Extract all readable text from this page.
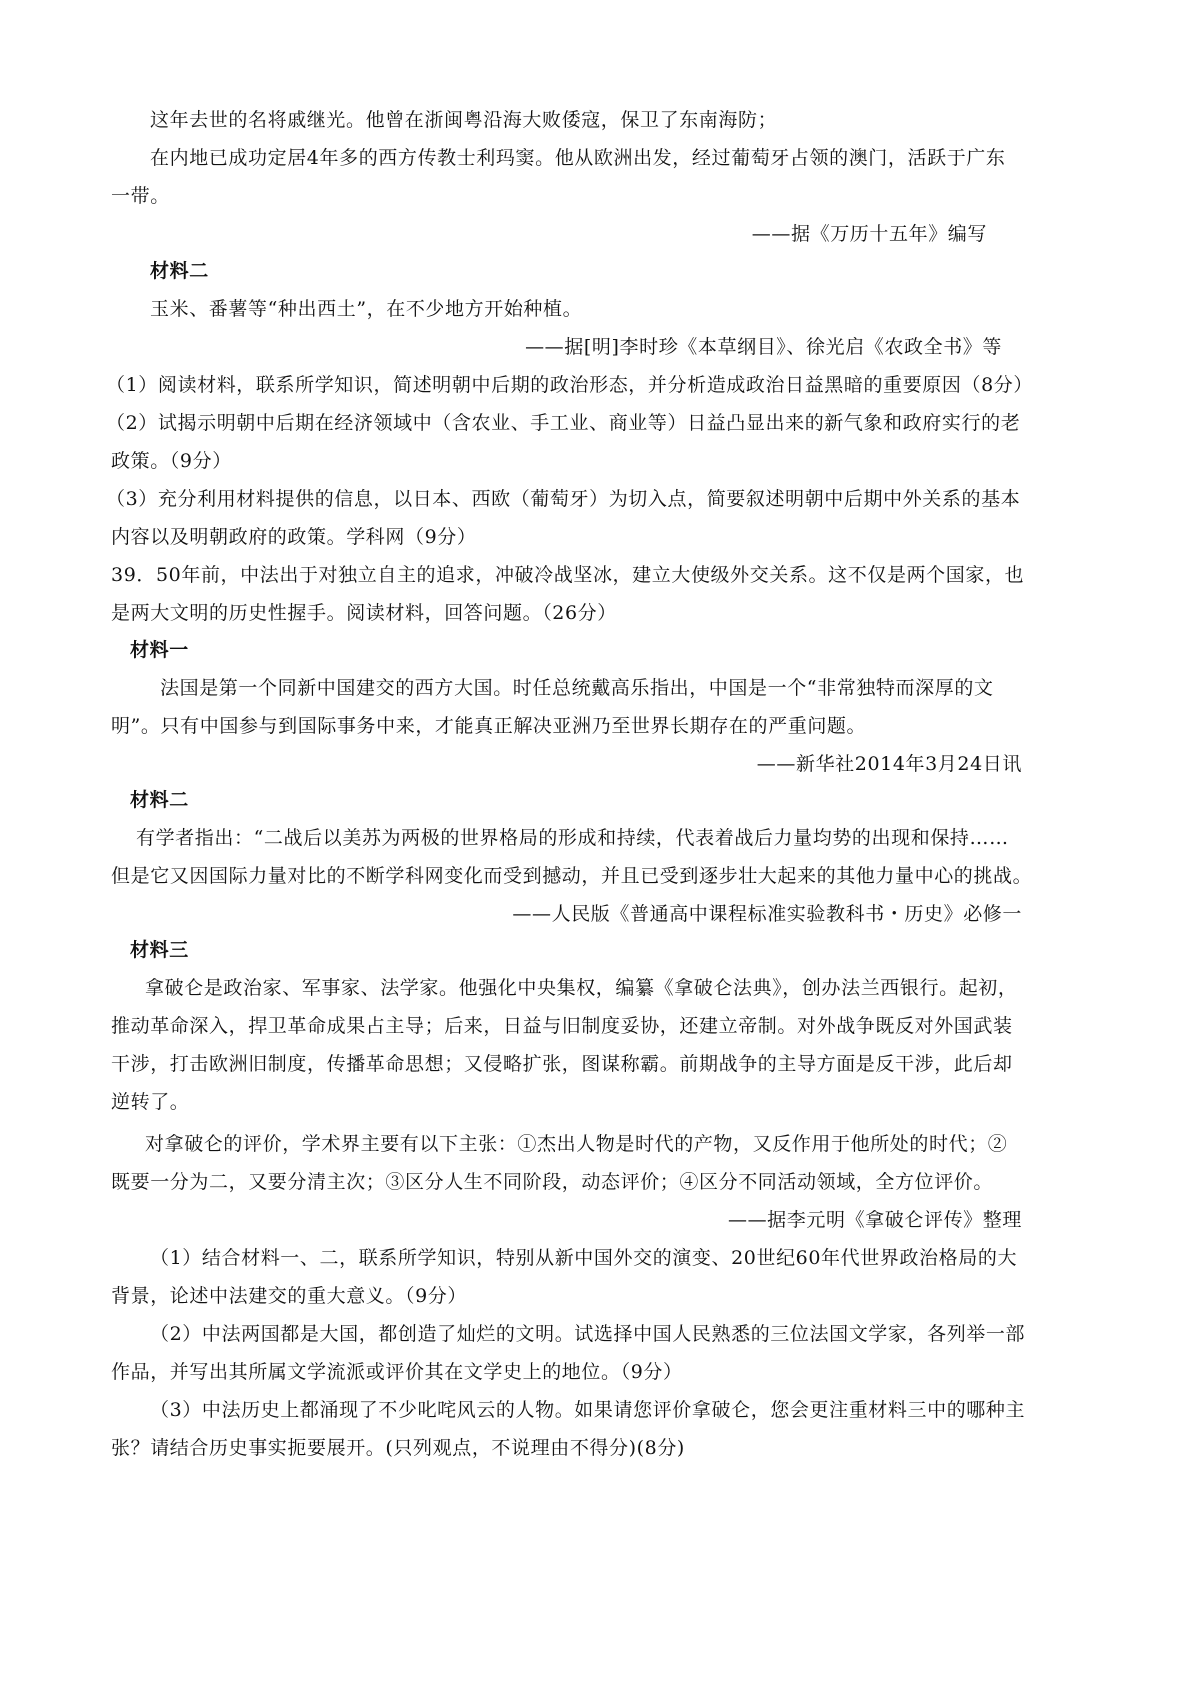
这年去世的名将戚继光。他曾在浙闽粤沿海大败倭寇，保卫了东南海防；
在内地已成功定居4年多的西方传教士利玛窦。他从欧洲出发，经过葡萄牙占领的澳门，活跃于广东
一带。
——据《万历十五年》编写
材料二
玉米、番薯等“种出西土”，在不少地方开始种植。
——据[明]李时珍《本草纲目》、徐光启《农政全书》等
（1）阅读材料，联系所学知识，简述明朝中后期的政治形态，并分析造成政治日益黑暗的重要原因（8分）
（2）试揭示明朝中后期在经济领域中（含农业、手工业、商业等）日益凸显出来的新气象和政府实行的老
政策。（9分）
（3）充分利用材料提供的信息，以日本、西欧（葡萄牙）为切入点，简要叙述明朝中后期中外关系的基本
内容以及明朝政府的政策。学科网（9分）
39．50年前，中法出于对独立自主的追求，冲破冷战坚冰，建立大使级外交关系。这不仅是两个国家，也
是两大文明的历史性握手。阅读材料，回答问题。（26分）
材料一
法国是第一个同新中国建交的西方大国。时任总统戴高乐指出，中国是一个“非常独特而深厚的文
明”。只有中国参与到国际事务中来，才能真正解决亚洲乃至世界长期存在的严重问题。
——新华社2014年3月24日讯
材料二
有学者指出：“二战后以美苏为两极的世界格局的形成和持续，代表着战后力量均势的出现和保持……
但是它又因国际力量对比的不断学科网变化而受到撼动，并且已受到逐步壮大起来的其他力量中心的挑战。
——人民版《普通高中课程标准实验教科书・历史》必修一
材料三
拿破仑是政治家、军事家、法学家。他强化中央集权，编纂《拿破仑法典》，创办法兰西银行。起初，
推动革命深入，捍卫革命成果占主导；后来，日益与旧制度妥协，还建立帝制。对外战争既反对外国武装
干涉，打击欧洲旧制度，传播革命思想；又侵略扩张，图谋称霸。前期战争的主导方面是反干涉，此后却
逆转了。
对拿破仑的评价，学术界主要有以下主张：①杰出人物是时代的产物，又反作用于他所处的时代；②
既要一分为二，又要分清主次；③区分人生不同阶段，动态评价；④区分不同活动领域，全方位评价。
——据李元明《拿破仑评传》整理
（1）结合材料一、二，联系所学知识，特别从新中国外交的演变、20世纪60年代世界政治格局的大
背景，论述中法建交的重大意义。（9分）
（2）中法两国都是大国，都创造了灿烂的文明。试选择中国人民熟悉的三位法国文学家，各列举一部
作品，并写出其所属文学流派或评价其在文学史上的地位。（9分）
（3）中法历史上都涌现了不少叱咤风云的人物。如果请您评价拿破仑，您会更注重材料三中的哪种主
张？请结合历史事实扼要展开。(只列观点，不说理由不得分)(8分)
